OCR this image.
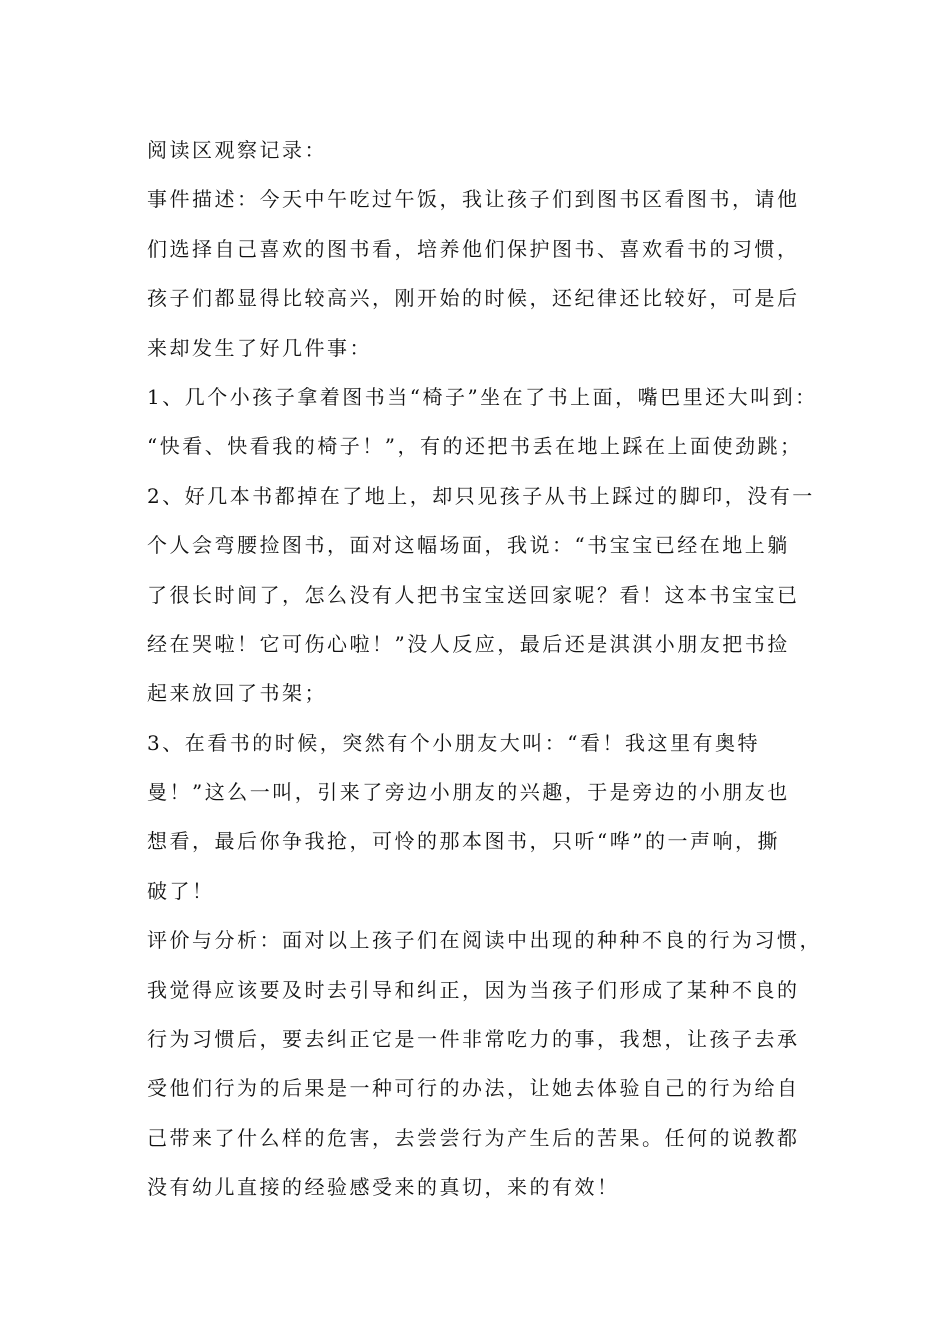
阅读区观察记录：
事件描述：今天中午吃过午饭，我让孩子们到图书区看图书，请他
们选择自己喜欢的图书看，培养他们保护图书、喜欢看书的习惯，
孩子们都显得比较高兴，刚开始的时候，还纪律还比较好，可是后
来却发生了好几件事：
1、几个小孩子拿着图书当“椅子”坐在了书上面，嘴巴里还大叫到：
“快看、快看我的椅子！”，有的还把书丢在地上踩在上面使劲跳；
2、好几本书都掉在了地上，却只见孩子从书上踩过的脚印，没有一
个人会弯腰捡图书，面对这幅场面，我说：“书宝宝已经在地上躺
了很长时间了，怎么没有人把书宝宝送回家呢？看！这本书宝宝已
经在哭啦！它可伤心啦！”没人反应，最后还是淇淇小朋友把书捡
起来放回了书架；
3、在看书的时候，突然有个小朋友大叫：“看！我这里有奥特
曼！”这么一叫，引来了旁边小朋友的兴趣，于是旁边的小朋友也
想看，最后你争我抢，可怜的那本图书，只听“哗”的一声响，撕
破了！
评价与分析：面对以上孩子们在阅读中出现的种种不良的行为习惯，
我觉得应该要及时去引导和纠正，因为当孩子们形成了某种不良的
行为习惯后，要去纠正它是一件非常吃力的事，我想，让孩子去承
受他们行为的后果是一种可行的办法，让她去体验自己的行为给自
己带来了什么样的危害，去尝尝行为产生后的苦果。任何的说教都
没有幼儿直接的经验感受来的真切，来的有效！
